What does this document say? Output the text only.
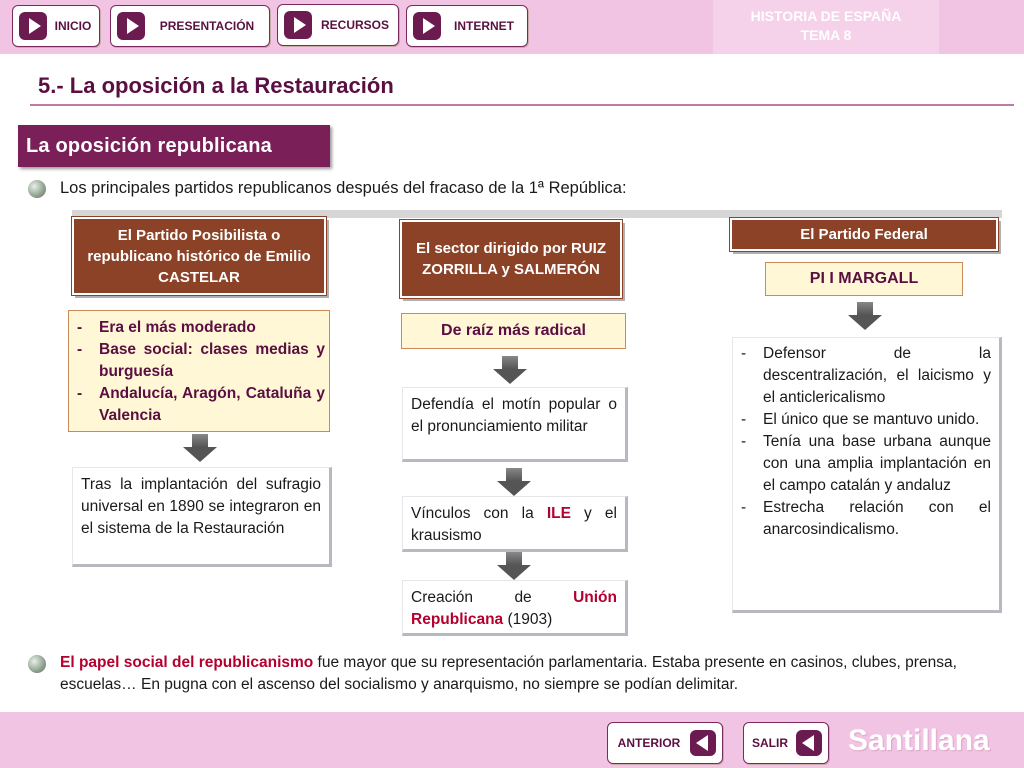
INICIO	PRESENTACIÓN	RECURSOS	INTERNET
HISTORIA DE ESPAÑA
TEMA 8
5.- La oposición a la Restauración
La oposición republicana
Los principales partidos republicanos después del fracaso de la 1ª República:
El Partido Posibilista o republicano histórico de Emilio CASTELAR
-	Era el más moderado
-	Base social: clases medias y burguesía
-	Andalucía, Aragón, Cataluña y Valencia
Tras la implantación del sufragio universal en 1890 se integraron en el sistema de la Restauración
El sector dirigido por RUIZ ZORRILLA y SALMERÓN
De raíz más radical
Defendía el motín popular o el pronunciamiento militar
Vínculos con la ILE y el krausismo
Creación de Unión Republicana (1903)
El Partido Federal
PI I MARGALL
-	Defensor de la descentralización, el laicismo y el anticlericalismo
-	El único que se mantuvo unido.
-	Tenía una base urbana aunque con una amplia implantación en el campo catalán y andaluz
-	Estrecha relación con el anarcosindicalismo.
El papel social del republicanismo fue mayor que su representación parlamentaria. Estaba presente en casinos, clubes, prensa, escuelas… En pugna con el ascenso del socialismo y anarquismo, no siempre se podían delimitar.
ANTERIOR	SALIR Santillana
